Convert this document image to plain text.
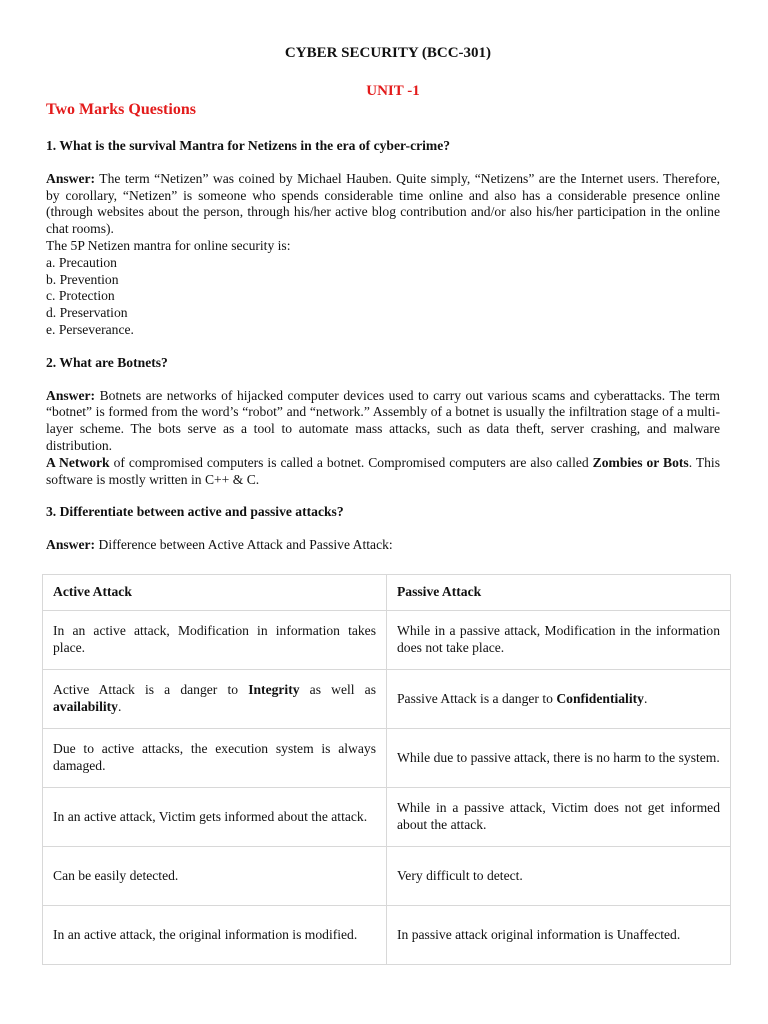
CYBER SECURITY (BCC-301)
UNIT -1
Two Marks Questions
1. What is the survival Mantra for Netizens in the era of cyber-crime?

Answer: The term “Netizen” was coined by Michael Hauben. Quite simply, “Netizens” are the Internet users. Therefore, by corollary, “Netizen” is someone who spends considerable time online and also has a considerable presence online (through websites about the person, through his/her active blog contribution and/or also his/her participation in the online chat rooms).

The 5P Netizen mantra for online security is:

a. Precaution
b. Prevention
c. Protection
d. Preservation
e. Perseverance.
2. What are Botnets?

Answer: Botnets are networks of hijacked computer devices used to carry out various scams and cyberattacks. The term “botnet” is formed from the word’s “robot” and “network.” Assembly of a botnet is usually the infiltration stage of a multi-layer scheme. The bots serve as a tool to automate mass attacks, such as data theft, server crashing, and malware distribution.

A Network of compromised computers is called a botnet. Compromised computers are also called Zombies or Bots. This software is mostly written in C++ & C.

3. Differentiate between active and passive attacks?

Answer: Difference between Active Attack and Passive Attack:

Active Attack	Passive Attack
In an active attack, Modification in information takes place.	While in a passive attack, Modification in the information does not take place.
Active Attack is a danger to Integrity as well as availability.	Passive Attack is a danger to Confidentiality.
Due to active attacks, the execution system is always damaged.	While due to passive attack, there is no harm to the system.
In an active attack, Victim gets informed about the attack.	While in a passive attack, Victim does not get informed about the attack.
Can be easily detected.	Very difficult to detect.
In an active attack, the original information is modified.	In passive attack original information is Unaffected.
